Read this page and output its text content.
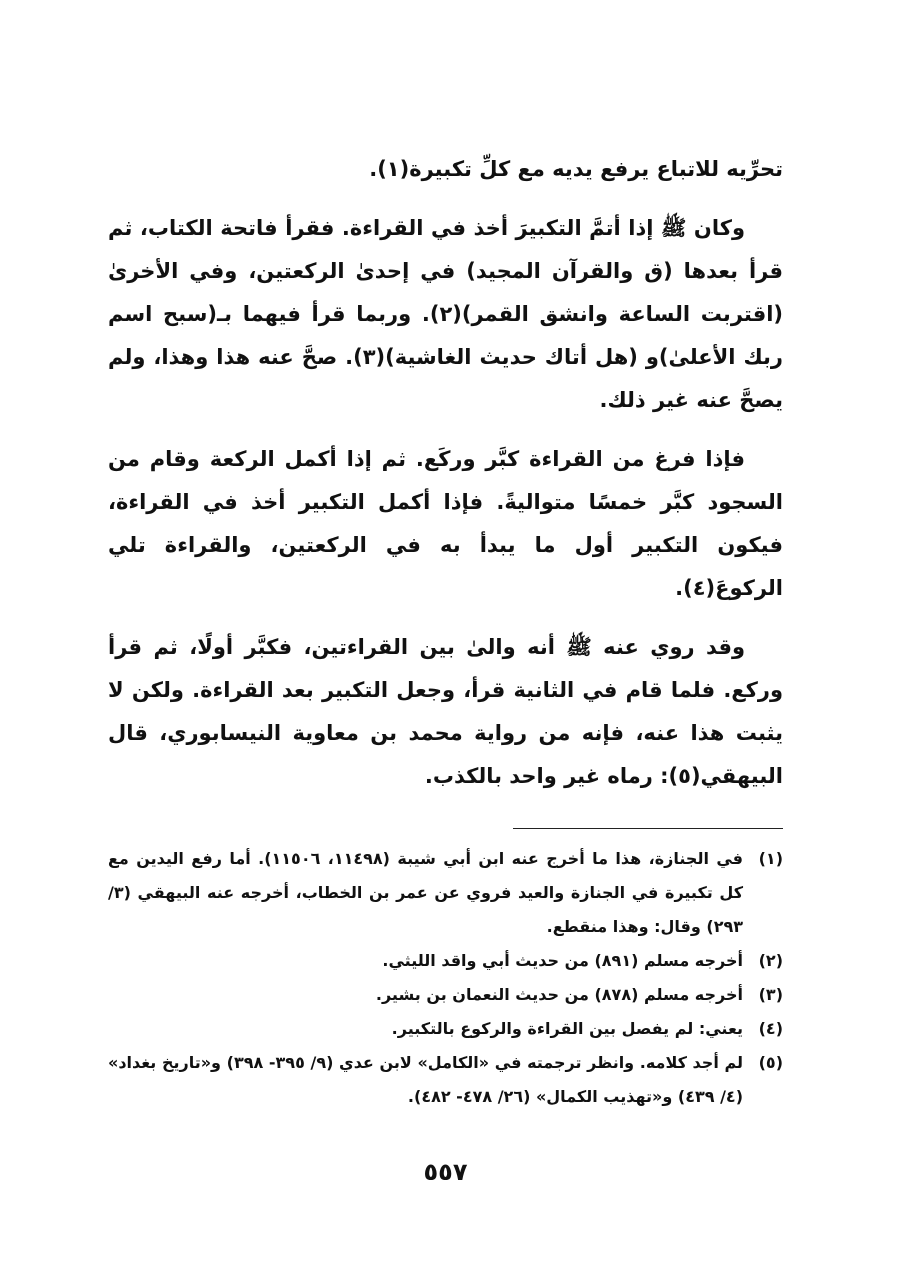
تحرِّيه للاتباع يرفع يديه مع كلِّ تكبيرة(١).

وكان ﷺ إذا أتمَّ التكبيرَ أخذ في القراءة. فقرأ فاتحة الكتاب، ثم قرأ بعدها (ق والقرآن المجيد) في إحدىٰ الركعتين، وفي الأخرىٰ (اقتربت الساعة وانشق القمر)(٢). وربما قرأ فيهما بـ(سبح اسم ربك الأعلىٰ)و (هل أتاك حديث الغاشية)(٣). صحَّ عنه هذا وهذا، ولم يصحَّ عنه غير ذلك.

فإذا فرغ من القراءة كبَّر وركَع. ثم إذا أكمل الركعة وقام من السجود كبَّر خمسًا متواليةً. فإذا أكمل التكبير أخذ في القراءة، فيكون التكبير أول ما يبدأ به في الركعتين، والقراءة تلي الركوعَ(٤).

وقد روي عنه ﷺ أنه والىٰ بين القراءتين، فكبَّر أولًا، ثم قرأ وركع. فلما قام في الثانية قرأ، وجعل التكبير بعد القراءة. ولكن لا يثبت هذا عنه، فإنه من رواية محمد بن معاوية النيسابوري، قال البيهقي(٥): رماه غير واحد بالكذب.

(١)
في الجنازة، هذا ما أخرج عنه ابن أبي شيبة (١١٤٩٨، ١١٥٠٦). أما رفع اليدين مع كل تكبيرة في الجنازة والعيد فروي عن عمر بن الخطاب، أخرجه عنه البيهقي (٣/ ٢٩٣) وقال: وهذا منقطع.
(٢)
أخرجه مسلم (٨٩١) من حديث أبي واقد الليثي.
(٣)
أخرجه مسلم (٨٧٨) من حديث النعمان بن بشير.
(٤)
يعني: لم يفصل بين القراءة والركوع بالتكبير.
(٥)
لم أجد كلامه. وانظر ترجمته في «الكامل» لابن عدي (٩/ ٣٩٥- ٣٩٨) و«تاريخ بغداد» (٤/ ٤٣٩) و«تهذيب الكمال» (٢٦/ ٤٧٨- ٤٨٢).
٥٥٧
